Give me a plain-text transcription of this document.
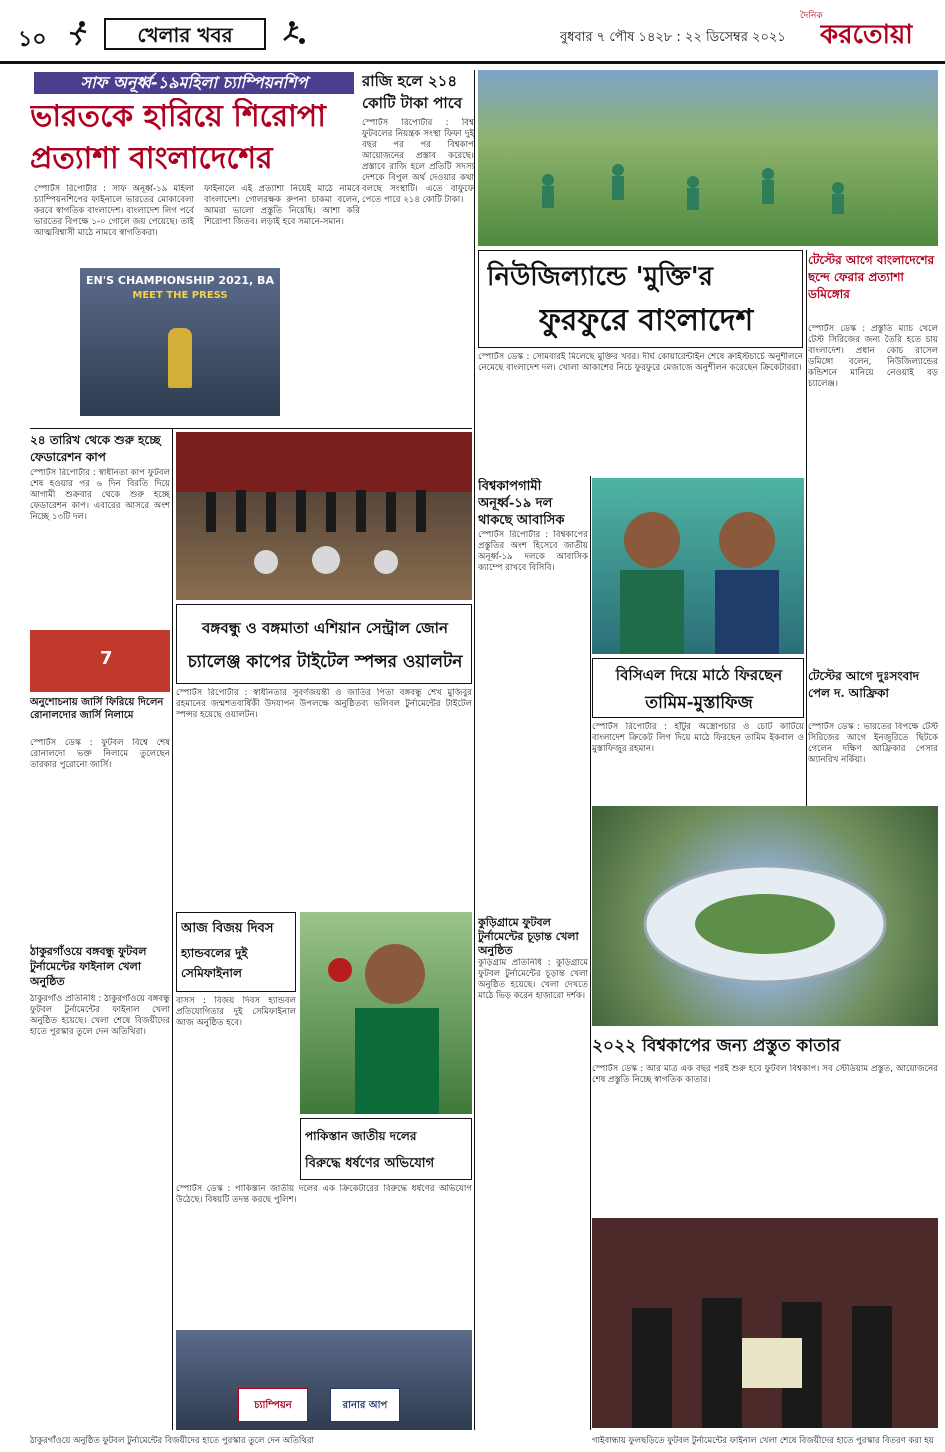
১০	খেলার খবর	বুধবার ৭ পৌষ ১৪২৮ : ২২ ডিসেম্বর ২০২১
দৈনিক
করতোয়া
সাফ অনূর্ধ্ব-১৯মহিলা চ্যাম্পিয়নশিপ
ভারতকে হারিয়ে শিরোপা
প্রত্যাশা বাংলাদেশের
স্পোর্টস রিপোর্টার : সাফ অনূর্ধ্ব-১৯ মহিলা চ্যাম্পিয়নশিপের ফাইনালে ভারতের মোকাবেলা করবে স্বাগতিক বাংলাদেশ। বাংলাদেশ লিগ পর্বে ভারতের বিপক্ষে ১-০ গোলে জয় পেয়েছে। তাই আত্মবিশ্বাসী মাঠে নামবে স্বাগতিকরা।
ফাইনালে এই প্রত্যাশা নিয়েই মাঠে নামবে বাংলাদেশ। গোলরক্ষক রুপনা চাকমা বলেন, আমরা ভালো প্রস্তুতি নিয়েছি। আশা করি শিরোপা জিতব। লড়াই হবে সমানে-সমান।
EN'S CHAMPIONSHIP 2021, BA
MEET THE PRESS
রাজি হলে ২১৪ কোটি টাকা পাবে
স্পোর্টস রিপোর্টার : বিশ্ব ফুটবলের নিয়ন্ত্রক সংস্থা ফিফা দুই বছর পর পর বিশ্বকাপ আয়োজনের প্রস্তাব করেছে। প্রস্তাবে রাজি হলে প্রতিটি সদস্য দেশকে বিপুল অর্থ দেওয়ার কথা বলছে সংস্থাটি। এতে বাফুফে পেতে পারে ২১৪ কোটি টাকা।
নিউজিল্যান্ডে 'মুক্তি'র
ফুরফুরে বাংলাদেশ
স্পোর্টস ডেস্ক : সোমবারই মিলেছে মুক্তির খবর। দীর্ঘ কোয়ারেন্টাইন শেষে ক্রাইস্টচার্চে অনুশীলনে নেমেছে বাংলাদেশ দল। খোলা আকাশের নিচে ফুরফুরে মেজাজে অনুশীলন করেছেন ক্রিকেটাররা।
টেস্টের আগে বাংলাদেশের ছন্দে ফেরার প্রত্যাশা ডমিঙ্গোর
স্পোর্টস ডেস্ক : প্রস্তুতি ম্যাচ খেলে টেস্ট সিরিজের জন্য তৈরি হতে চায় বাংলাদেশ। প্রধান কোচ রাসেল ডমিঙ্গো বলেন, নিউজিল্যান্ডের কন্ডিশনে মানিয়ে নেওয়াই বড় চ্যালেঞ্জ।
২৪ তারিখ থেকে শুরু হচ্ছে ফেডারেশন কাপ
স্পোর্টস রিপোর্টার : স্বাধীনতা কাপ ফুটবল শেষ হওয়ার পর ৬ দিন বিরতি দিয়ে আগামী শুক্রবার থেকে শুরু হচ্ছে ফেডারেশন কাপ। এবারের আসরে অংশ নিচ্ছে ১৩টি দল।
7
বঙ্গবন্ধু ও বঙ্গমাতা এশিয়ান সেন্ট্রাল জোন
চ্যালেঞ্জ কাপের টাইটেল স্পন্সর ওয়ালটন
স্পোর্টস রিপোর্টার : স্বাধীনতার সুবর্ণজয়ন্তী ও জাতির পিতা বঙ্গবন্ধু শেখ মুজিবুর রহমানের জন্মশতবার্ষিকী উদযাপন উপলক্ষে অনুষ্ঠিতব্য ভলিবল টুর্নামেন্টের টাইটেল স্পন্সর হয়েছে ওয়ালটন।
বিশ্বকাপগামী অনূর্ধ্ব-১৯ দল থাকছে আবাসিক
স্পোর্টস রিপোর্টার : বিশ্বকাপের প্রস্তুতির অংশ হিসেবে জাতীয় অনূর্ধ্ব-১৯ দলকে আবাসিক ক্যাম্পে রাখবে বিসিবি।
বিসিএল দিয়ে মাঠে ফিরছেন
তামিম-মুস্তাফিজ
স্পোর্টস রিপোর্টার : হাঁটুর অস্ত্রোপচার ও চোট কাটিয়ে বাংলাদেশ ক্রিকেট লিগ দিয়ে মাঠে ফিরছেন তামিম ইকবাল ও মুস্তাফিজুর রহমান।
টেস্টের আগে দুঃসংবাদ পেল দ. আফ্রিকা
স্পোর্টস ডেস্ক : ভারতের বিপক্ষে টেস্ট সিরিজের আগে ইনজুরিতে ছিটকে গেলেন দক্ষিণ আফ্রিকার পেসার অ্যানরিখ নর্কিয়া।
অনুশোচনায় জার্সি ফিরিয়ে দিলেন রোনালদোর জার্সি নিলামে
স্পোর্টস ডেস্ক : ফুটবল বিশ্বে শেষ রোনালদো ভক্ত নিলামে তুলেছেন তারকার পুরোনো জার্সি।
ঠাকুরগাঁওয়ে বঙ্গবন্ধু ফুটবল টুর্নামেন্টের ফাইনাল খেলা অনুষ্ঠিত
ঠাকুরগাঁও প্রতিনিধি : ঠাকুরগাঁওয়ে বঙ্গবন্ধু ফুটবল টুর্নামেন্টের ফাইনাল খেলা অনুষ্ঠিত হয়েছে। খেলা শেষে বিজয়ীদের হাতে পুরস্কার তুলে দেন অতিথিরা।
আজ বিজয় দিবস
হ্যান্ডবলের দুই সেমিফাইনাল
বাসস : বিজয় দিবস হ্যান্ডবল প্রতিযোগিতার দুই সেমিফাইনাল আজ অনুষ্ঠিত হবে।
পাকিস্তান জাতীয় দলের
বিরুদ্ধে ধর্ষণের অভিযোগ
স্পোর্টস ডেস্ক : পাকিস্তান জাতীয় দলের এক ক্রিকেটারের বিরুদ্ধে ধর্ষণের অভিযোগ উঠেছে। বিষয়টি তদন্ত করছে পুলিশ।
২০২২ বিশ্বকাপের জন্য প্রস্তুত কাতার
স্পোর্টস ডেস্ক : আর মাত্র এক বছর পরই শুরু হবে ফুটবল বিশ্বকাপ। সব স্টেডিয়াম প্রস্তুত, আয়োজনের শেষ প্রস্তুতি নিচ্ছে স্বাগতিক কাতার।
কুড়িগ্রামে ফুটবল টুর্নামেন্টের চূড়ান্ত খেলা অনুষ্ঠিত
কুড়িগ্রাম প্রতিনিধি : কুড়িগ্রামে ফুটবল টুর্নামেন্টের চূড়ান্ত খেলা অনুষ্ঠিত হয়েছে। খেলা দেখতে মাঠে ভিড় করেন হাজারো দর্শক।
চ্যাম্পিয়ন	রানার আপ
ঠাকুরগাঁওয়ে অনুষ্ঠিত ফুটবল টুর্নামেন্টের বিজয়ীদের হাতে পুরস্কার তুলে দেন অতিথিরা	গাইবান্ধায় ফুলছড়িতে ফুটবল টুর্নামেন্টের ফাইনাল খেলা শেষে বিজয়ীদের হাতে পুরস্কার বিতরণ করা হয়
